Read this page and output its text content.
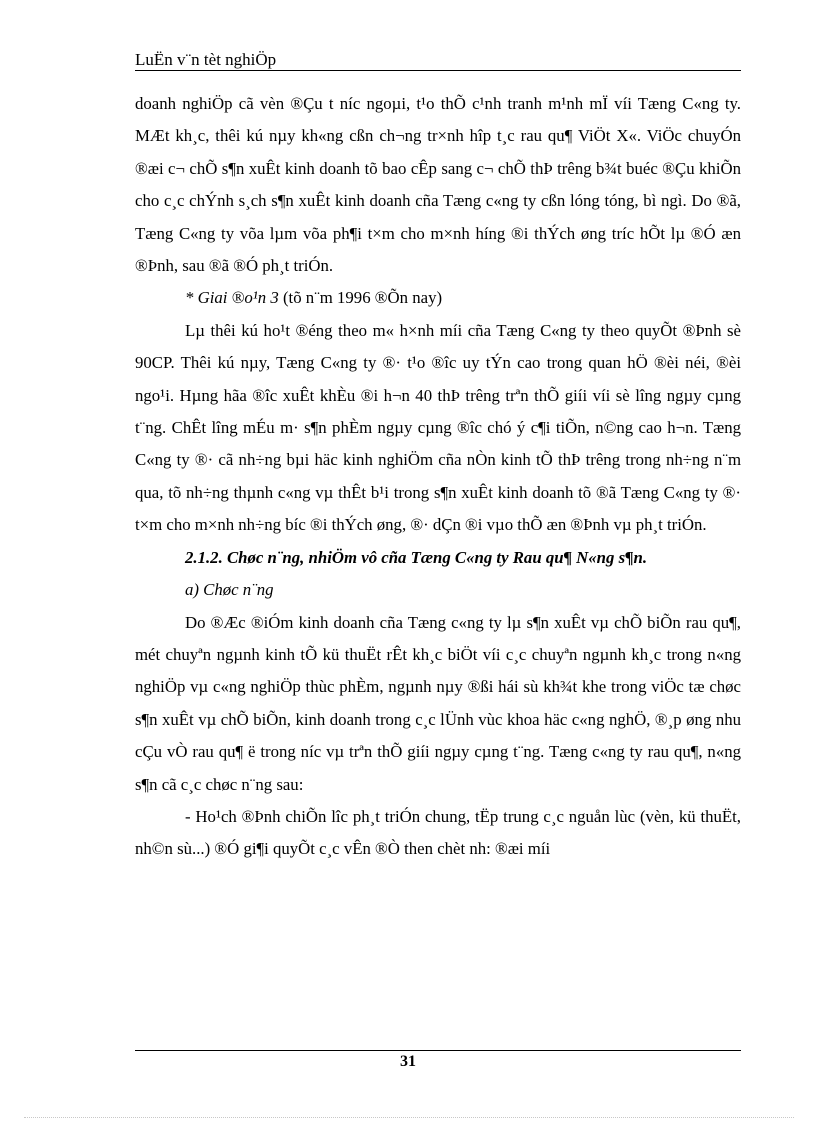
LuËn v¨n tèt nghiÖp

doanh nghiÖp cã vèn ®Çu t níc ngoµi, t¹o thÕ c¹nh tranh m¹nh mÏ víi Tæng C«ng ty. MÆt kh¸c, thêi kú nµy kh«ng cßn ch¬ng tr×nh hîp t¸c rau qu¶ ViÖt X«. ViÖc chuyÓn ®æi c¬ chÕ s¶n xuÊt kinh doanh tõ bao cÊp sang c¬ chÕ thÞ trêng b¾t buéc ®Çu khiÕn cho c¸c chÝnh s¸ch s¶n xuÊt kinh doanh cña Tæng c«ng ty cßn lóng tóng, bì ngì. Do ®ã, Tæng C«ng ty võa lµm võa ph¶i t×m cho m×nh híng ®i thÝch øng tríc hÕt lµ ®Ó æn ®Þnh, sau ®ã ®Ó ph¸t triÓn.

* Giai ®o¹n 3 (tõ n¨m 1996 ®Õn nay)

Lµ thêi kú ho¹t ®éng theo m« h×nh míi cña Tæng C«ng ty theo quyÕt ®Þnh sè 90CP. Thêi kú nµy, Tæng C«ng ty ®· t¹o ®îc uy tÝn cao trong quan hÖ ®èi néi, ®èi ngo¹i. Hµng hãa ®îc xuÊt khÈu ®i h¬n 40 thÞ trêng trªn thÕ giíi víi sè lîng ngµy cµng t¨ng. ChÊt lîng mÉu m· s¶n phÈm ngµy cµng ®îc chó ý c¶i tiÕn, n©ng cao h¬n. Tæng C«ng ty ®· cã nh÷ng bµi häc kinh nghiÖm cña nÒn kinh tÕ thÞ trêng trong nh÷ng n¨m qua, tõ nh÷ng thµnh c«ng vµ thÊt b¹i trong s¶n xuÊt kinh doanh tõ ®ã Tæng C«ng ty ®· t×m cho m×nh nh÷ng bíc ®i thÝch øng, ®· dÇn ®i vµo thÕ æn ®Þnh vµ ph¸t triÓn.

2.1.2. Chøc n¨ng, nhiÖm vô cña Tæng C«ng ty Rau qu¶ N«ng s¶n.

a) Chøc n¨ng

Do ®Æc ®iÓm kinh doanh cña Tæng c«ng ty lµ s¶n xuÊt vµ chÕ biÕn rau qu¶, mét chuyªn ngµnh kinh tÕ kü thuËt rÊt kh¸c biÖt víi c¸c chuyªn ngµnh kh¸c trong n«ng nghiÖp vµ c«ng nghiÖp thùc phÈm, ngµnh nµy ®ßi hái sù kh¾t khe trong viÖc tæ chøc s¶n xuÊt vµ chÕ biÕn, kinh doanh trong c¸c lÜnh vùc khoa häc c«ng nghÖ, ®¸p øng nhu cÇu vÒ rau qu¶ ë trong níc vµ trªn thÕ giíi ngµy cµng t¨ng. Tæng c«ng ty rau qu¶, n«ng s¶n cã c¸c chøc n¨ng sau:

- Ho¹ch ®Þnh chiÕn lîc ph¸t triÓn chung, tËp trung c¸c nguån lùc (vèn, kü thuËt, nh©n sù...) ®Ó gi¶i quyÕt c¸c vÊn ®Ò then chèt nh: ®æi míi

31
